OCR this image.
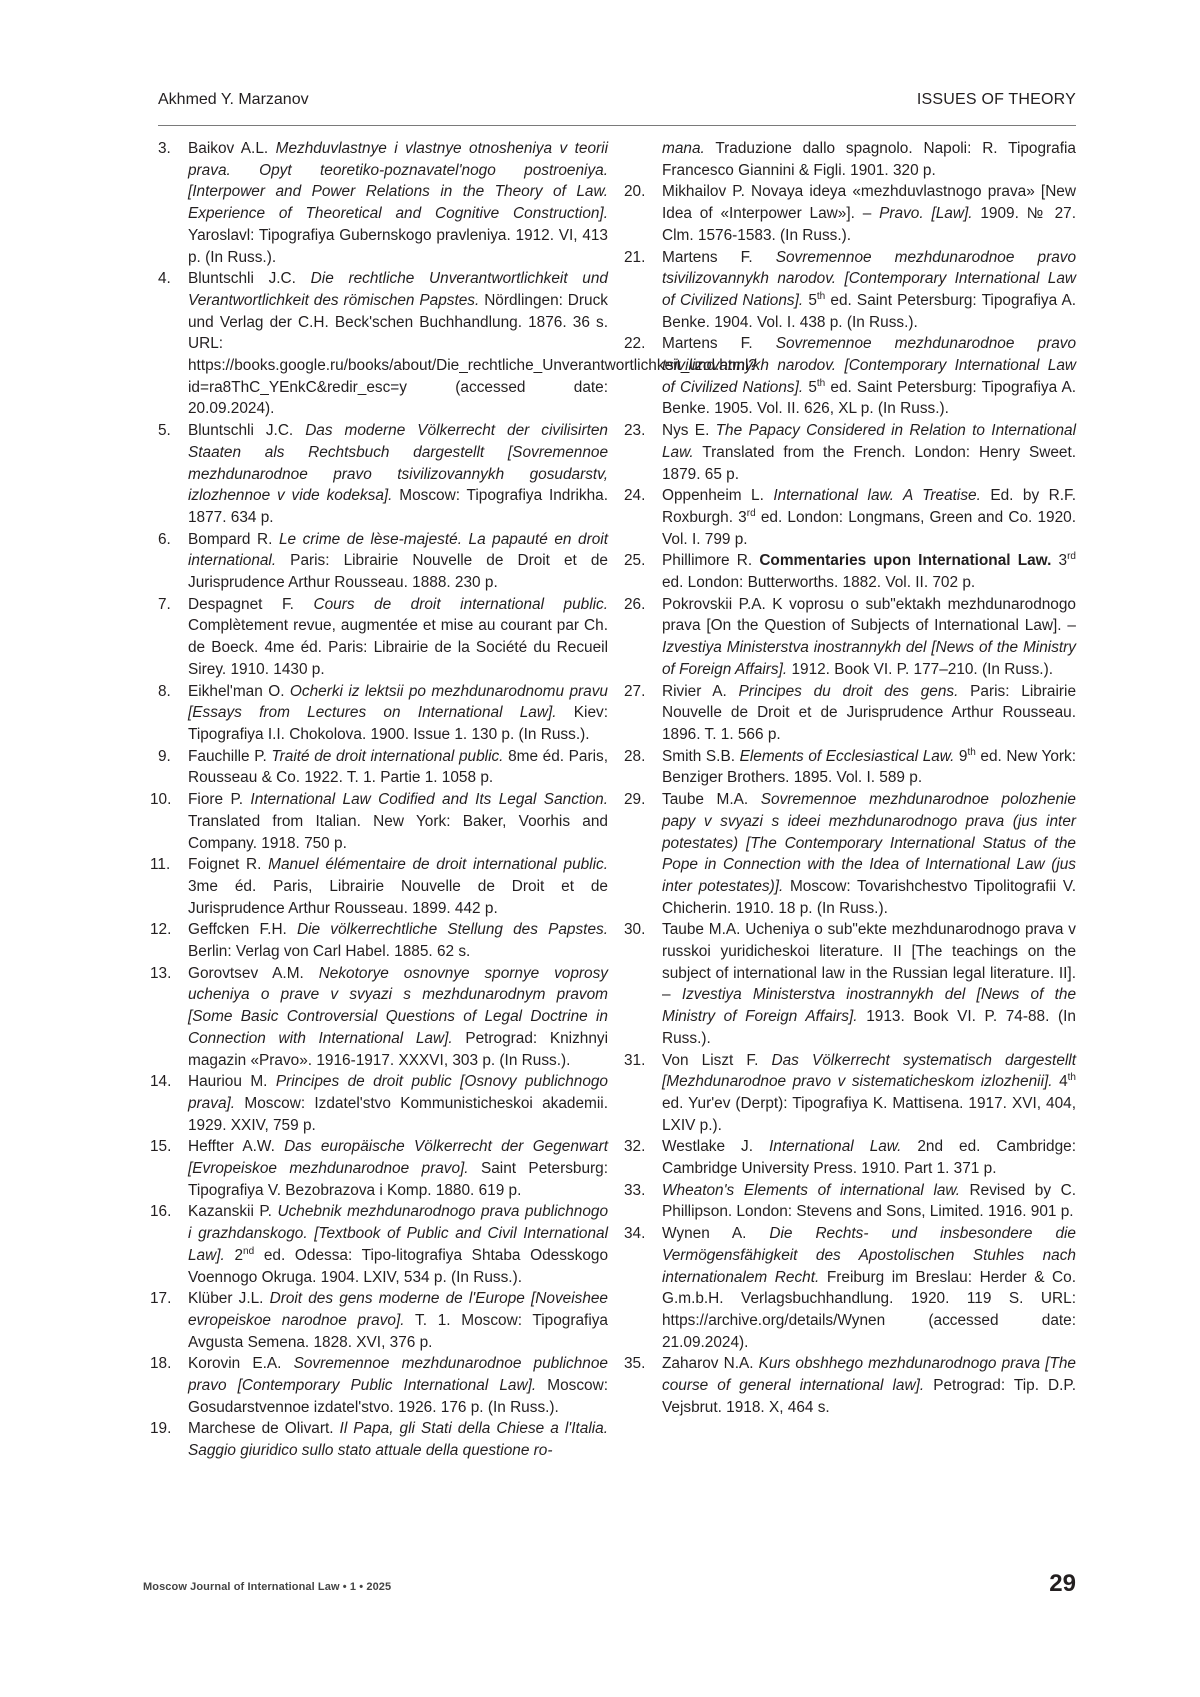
Akhmed Y. Marzanov	ISSUES OF THEORY
3. Baikov A.L. Mezhduvlastnye i vlastnye otnosheniya v teorii prava. Opyt teoretiko-poznavatel'nogo postroeniya. [Interpower and Power Relations in the Theory of Law. Experience of Theoretical and Cognitive Construction]. Yaroslavl: Tipografiya Gubernskogo pravleniya. 1912. VI, 413 p. (In Russ.).
4. Bluntschli J.C. Die rechtliche Unverantwortlichkeit und Verantwortlichkeit des römischen Papstes. Nördlingen: Druck und Verlag der C.H. Beck'schen Buchhandlung. 1876. 36 s. URL: https://books.google.ru/books/about/Die_rechtliche_Unverantwortlichkeit_und.html?id=ra8ThC_YEnkC&redir_esc=y (accessed date: 20.09.2024).
5. Bluntschli J.C. Das moderne Völkerrecht der civilisirten Staaten als Rechtsbuch dargestellt [Sovremennoe mezhdunarodnoe pravo tsivilizovannykh gosudarstv, izlozhennoe v vide kodeksa]. Moscow: Tipografiya Indrikha. 1877. 634 p.
6. Bompard R. Le crime de lèse-majesté. La papauté en droit international. Paris: Librairie Nouvelle de Droit et de Jurisprudence Arthur Rousseau. 1888. 230 p.
7. Despagnet F. Cours de droit international public. Complètement revue, augmentée et mise au courant par Ch. de Boeck. 4me éd. Paris: Librairie de la Société du Recueil Sirey. 1910. 1430 p.
8. Eikhel'man O. Ocherki iz lektsii po mezhdunarodnomu pravu [Essays from Lectures on International Law]. Kiev: Tipografiya I.I. Chokolova. 1900. Issue 1. 130 p. (In Russ.).
9. Fauchille P. Traité de droit international public. 8me éd. Paris, Rousseau & Co. 1922. T. 1. Partie 1. 1058 p.
10. Fiore P. International Law Codified and Its Legal Sanction. Translated from Italian. New York: Baker, Voorhis and Company. 1918. 750 p.
11. Foignet R. Manuel élémentaire de droit international public. 3me éd. Paris, Librairie Nouvelle de Droit et de Jurisprudence Arthur Rousseau. 1899. 442 p.
12. Geffcken F.H. Die völkerrechtliche Stellung des Papstes. Berlin: Verlag von Carl Habel. 1885. 62 s.
13. Gorovtsev A.M. Nekotorye osnovnye spornye voprosy ucheniya o prave v svyazi s mezhdunarodnym pravom [Some Basic Controversial Questions of Legal Doctrine in Connection with International Law]. Petrograd: Knizhnyi magazin «Pravo». 1916-1917. XXXVI, 303 p. (In Russ.).
14. Hauriou M. Principes de droit public [Osnovy publichnogo prava]. Moscow: Izdatel'stvo Kommunisticheskoi akademii. 1929. XXIV, 759 p.
15. Heffter A.W. Das europäische Völkerrecht der Gegenwart [Evropeiskoe mezhdunarodnoe pravo]. Saint Petersburg: Tipografiya V. Bezobrazova i Komp. 1880. 619 p.
16. Kazanskii P. Uchebnik mezhdunarodnogo prava publichnogo i grazhdanskogo. [Textbook of Public and Civil International Law]. 2nd ed. Odessa: Tipo-litografiya Shtaba Odesskogo Voennogo Okruga. 1904. LXIV, 534 p. (In Russ.).
17. Klüber J.L. Droit des gens moderne de l'Europe [Noveishee evropeiskoe narodnoe pravo]. T. 1. Moscow: Tipografiya Avgusta Semena. 1828. XVI, 376 p.
18. Korovin E.A. Sovremennoe mezhdunarodnoe publichnoe pravo [Contemporary Public International Law]. Moscow: Gosudarstvennoe izdatel'stvo. 1926. 176 p. (In Russ.).
19. Marchese de Olivart. Il Papa, gli Stati della Chiese a l'Italia. Saggio giuridico sullo stato attuale della questione ro-
mana. Traduzione dallo spagnolo. Napoli: R. Tipografia Francesco Giannini & Figli. 1901. 320 p.
20. Mikhailov P. Novaya ideya «mezhduvlastnogo prava» [New Idea of «Interpower Law»]. – Pravo. [Law]. 1909. № 27. Clm. 1576-1583. (In Russ.).
21. Martens F. Sovremennoe mezhdunarodnoe pravo tsivilizovannykh narodov. [Contemporary International Law of Civilized Nations]. 5th ed. Saint Petersburg: Tipografiya A. Benke. 1904. Vol. I. 438 p. (In Russ.).
22. Martens F. Sovremennoe mezhdunarodnoe pravo tsivilizovannykh narodov. [Contemporary International Law of Civilized Nations]. 5th ed. Saint Petersburg: Tipografiya A. Benke. 1905. Vol. II. 626, XL p. (In Russ.).
23. Nys E. The Papacy Considered in Relation to International Law. Translated from the French. London: Henry Sweet. 1879. 65 p.
24. Oppenheim L. International law. A Treatise. Ed. by R.F. Roxburgh. 3rd ed. London: Longmans, Green and Co. 1920. Vol. I. 799 p.
25. Phillimore R. Commentaries upon International Law. 3rd ed. London: Butterworths. 1882. Vol. II. 702 p.
26. Pokrovskii P.A. K voprosu o sub"ektakh mezhdunarodnogo prava [On the Question of Subjects of International Law]. – Izvestiya Ministerstva inostrannykh del [News of the Ministry of Foreign Affairs]. 1912. Book VI. P. 177–210. (In Russ.).
27. Rivier A. Principes du droit des gens. Paris: Librairie Nouvelle de Droit et de Jurisprudence Arthur Rousseau. 1896. T. 1. 566 p.
28. Smith S.B. Elements of Ecclesiastical Law. 9th ed. New York: Benziger Brothers. 1895. Vol. I. 589 p.
29. Taube M.A. Sovremennoe mezhdunarodnoe polozhenie papy v svyazi s ideei mezhdunarodnogo prava (jus inter potestates) [The Contemporary International Status of the Pope in Connection with the Idea of International Law (jus inter potestates)]. Moscow: Tovarishchestvo Tipolitografii V. Chicherin. 1910. 18 p. (In Russ.).
30. Taube M.A. Ucheniya o sub"ekte mezhdunarodnogo prava v russkoi yuridicheskoi literature. II [The teachings on the subject of international law in the Russian legal literature. II]. – Izvestiya Ministerstva inostrannykh del [News of the Ministry of Foreign Affairs]. 1913. Book VI. P. 74-88. (In Russ.).
31. Von Liszt F. Das Völkerrecht systematisch dargestellt [Mezhdunarodnoe pravo v sistematicheskom izlozhenii]. 4th ed. Yur'ev (Derpt): Tipografiya K. Mattisena. 1917. XVI, 404, LXIV p.).
32. Westlake J. International Law. 2nd ed. Cambridge: Cambridge University Press. 1910. Part 1. 371 p.
33. Wheaton's Elements of international law. Revised by C. Phillipson. London: Stevens and Sons, Limited. 1916. 901 p.
34. Wynen A. Die Rechts- und insbesondere die Vermögensfähigkeit des Apostolischen Stuhles nach internationalem Recht. Freiburg im Breslau: Herder & Co. G.m.b.H. Verlagsbuchhandlung. 1920. 119 S. URL: https://archive.org/details/Wynen (accessed date: 21.09.2024).
35. Zaharov N.A. Kurs obshhego mezhdunarodnogo prava [The course of general international law]. Petrograd: Tip. D.P. Vejsbrut. 1918. X, 464 s.
Moscow Journal of International Law • 1 • 2025	29
